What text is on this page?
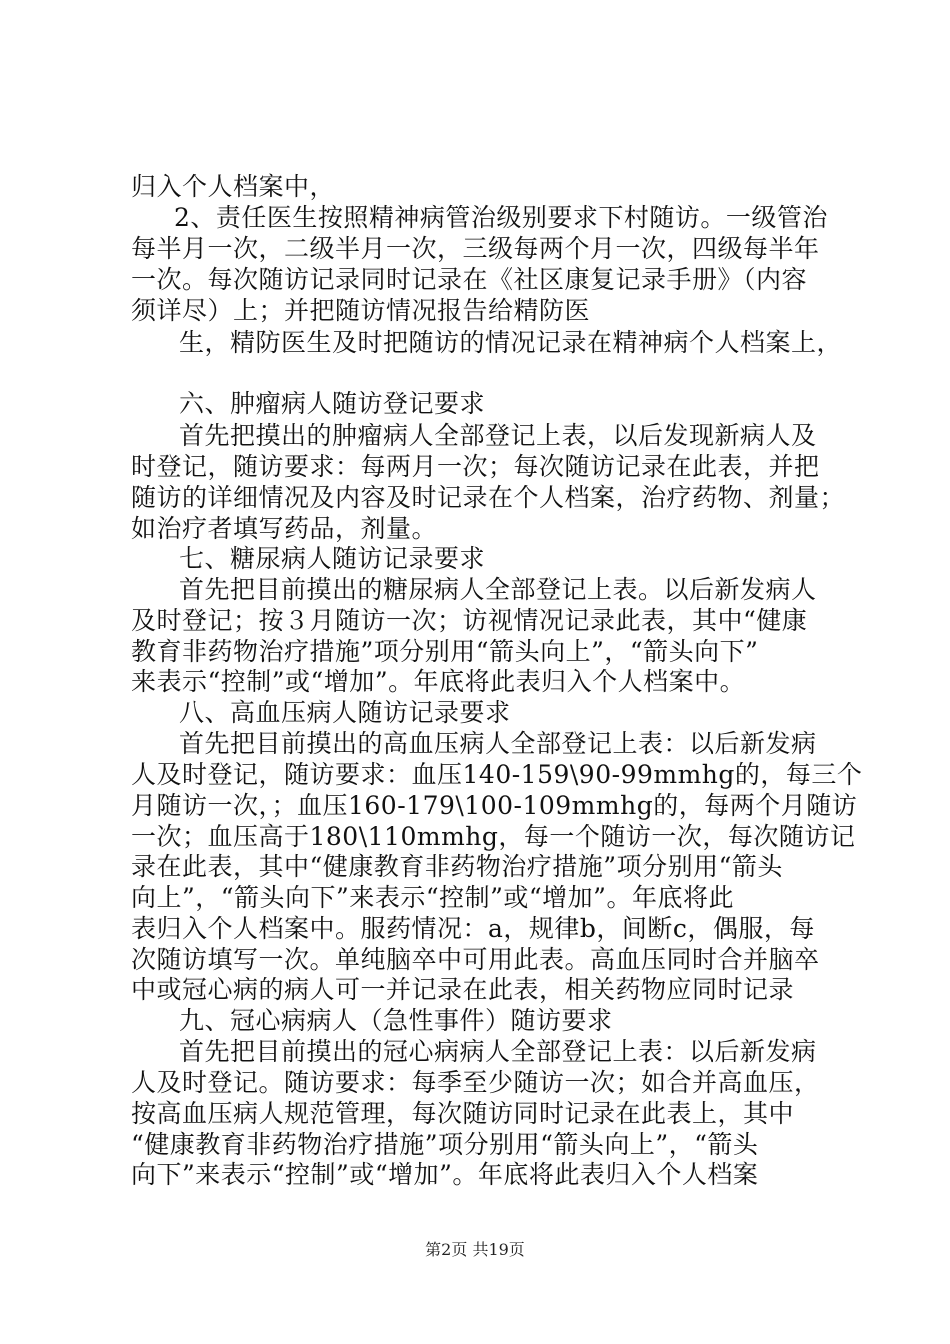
归入个人档案中，
2、责任医生按照精神病管治级别要求下村随访。一级管治
每半月一次，二级半月一次，三级每两个月一次，四级每半年
一次。每次随访记录同时记录在《社区康复记录手册》（内容
须详尽）上；并把随访情况报告给精防医
生，精防医生及时把随访的情况记录在精神病个人档案上，
六、肿瘤病人随访登记要求
首先把摸出的肿瘤病人全部登记上表，以后发现新病人及
时登记，随访要求：每两月一次；每次随访记录在此表，并把
随访的详细情况及内容及时记录在个人档案，治疗药物、剂量；
如治疗者填写药品，剂量。
七、糖尿病人随访记录要求
首先把目前摸出的糖尿病人全部登记上表。以后新发病人
及时登记；按３月随访一次；访视情况记录此表，其中“健康
教育非药物治疗措施”项分别用“箭头向上”，“箭头向下”
来表示“控制”或“增加”。年底将此表归入个人档案中。
八、高血压病人随访记录要求
首先把目前摸出的高血压病人全部登记上表：以后新发病
人及时登记，随访要求：血压140-159\90-99mmhg的，每三个
月随访一次，；血压160-179\100-109mmhg的，每两个月随访
一次；血压高于180\110mmhg，每一个随访一次，每次随访记
录在此表，其中“健康教育非药物治疗措施”项分别用“箭头
向上”，“箭头向下”来表示“控制”或“增加”。年底将此
表归入个人档案中。服药情况：a，规律b，间断c，偶服，每
次随访填写一次。单纯脑卒中可用此表。高血压同时合并脑卒
中或冠心病的病人可一并记录在此表，相关药物应同时记录
九、冠心病病人（急性事件）随访要求
首先把目前摸出的冠心病病人全部登记上表：以后新发病
人及时登记。随访要求：每季至少随访一次；如合并高血压，
按高血压病人规范管理，每次随访同时记录在此表上，其中
“健康教育非药物治疗措施”项分别用“箭头向上”，“箭头
向下”来表示“控制”或“增加”。年底将此表归入个人档案
第2页 共19页
